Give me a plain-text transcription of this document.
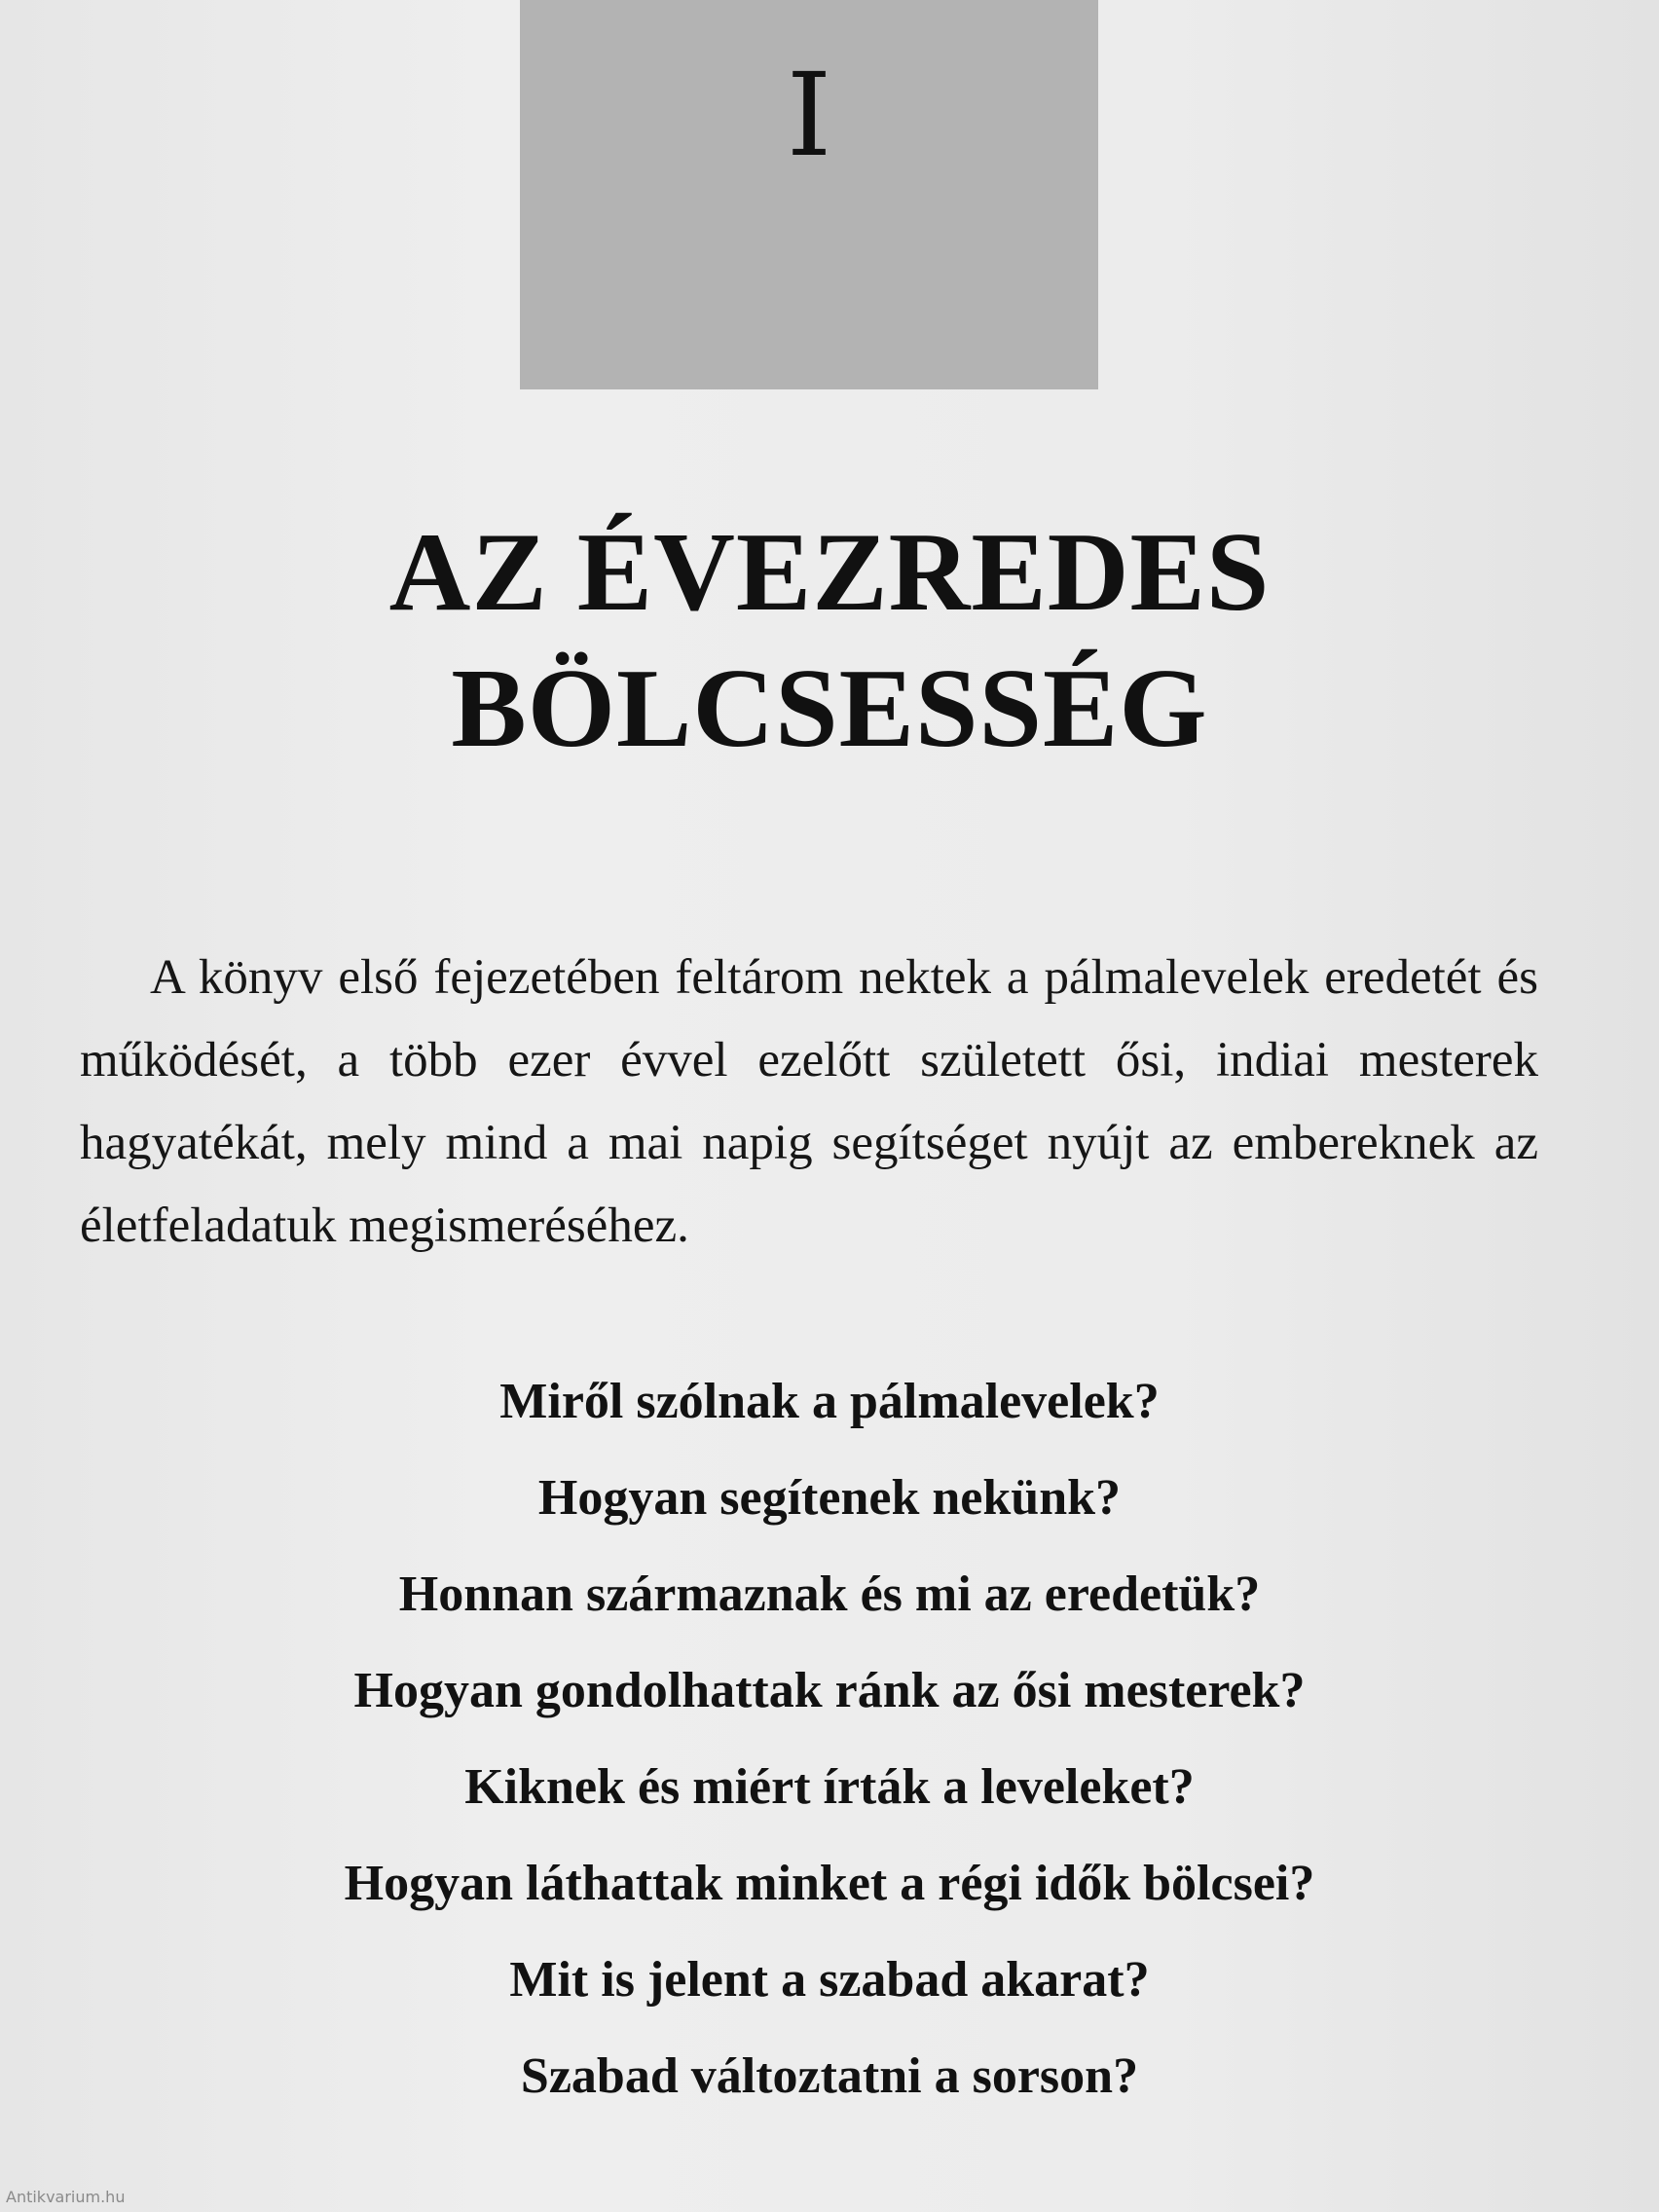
I
AZ ÉVEZREDES BÖLCSESSÉG

A könyv első fejezetében feltárom nektek a pálmalevelek eredetét és működését, a több ezer évvel ezelőtt született ősi, indiai mesterek hagyatékát, mely mind a mai napig segítséget nyújt az embereknek az életfeladatuk megismeréséhez.

Miről szólnak a pálmalevelek?
Hogyan segítenek nekünk?
Honnan származnak és mi az eredetük?
Hogyan gondolhattak ránk az ősi mesterek?
Kiknek és miért írták a leveleket?
Hogyan láthattak minket a régi idők bölcsei?
Mit is jelent a szabad akarat?
Szabad változtatni a sorson?
Antikvarium.hu
